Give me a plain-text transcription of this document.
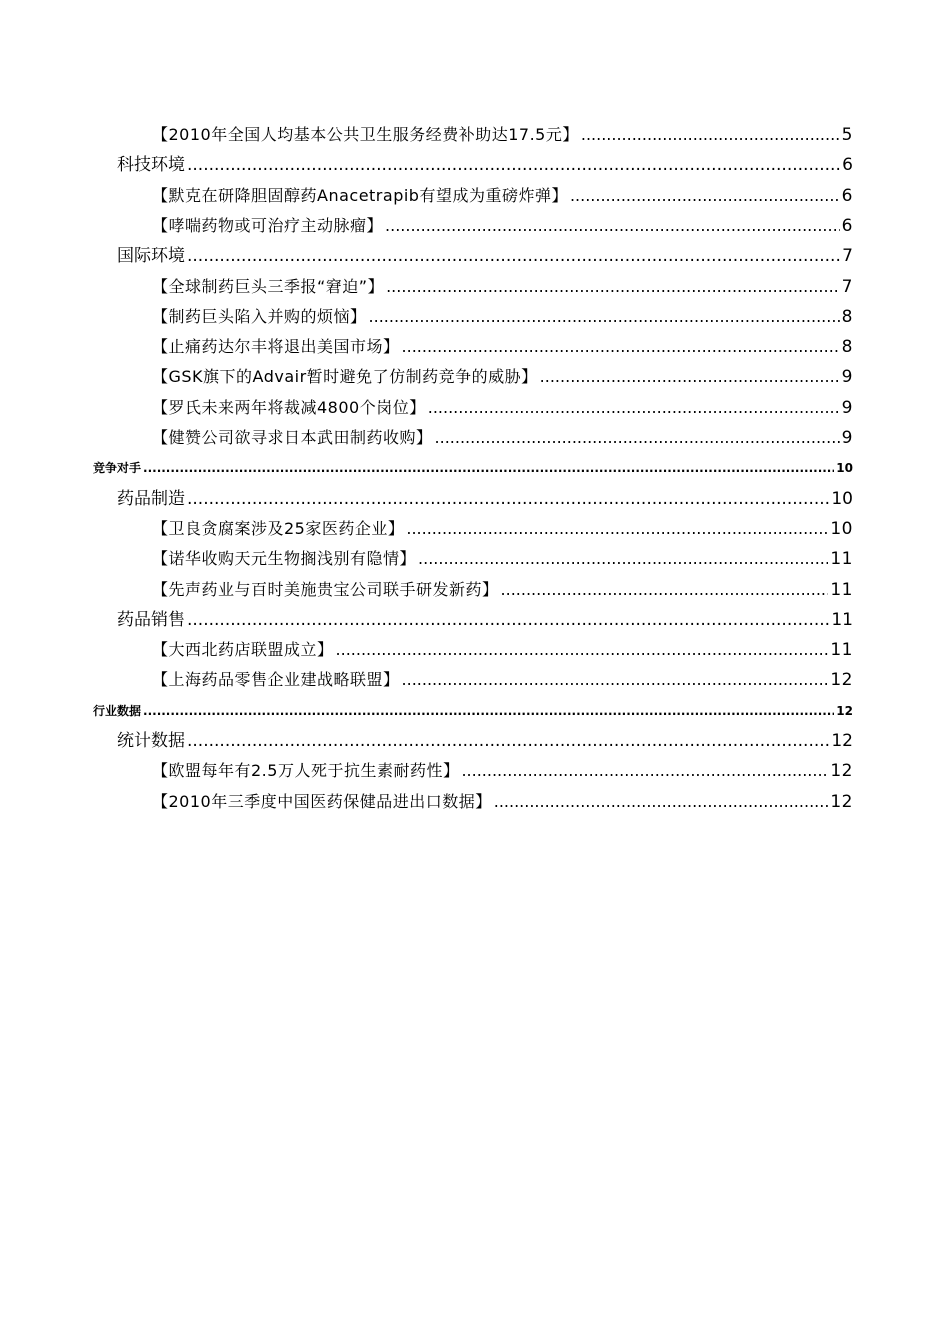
【2010年全国人均基本公共卫生服务经费补助达17.5元】 .....	5
科技环境 .....	6
【默克在研降胆固醇药Anacetrapib有望成为重磅炸弹】 .....	6
【哮喘药物或可治疗主动脉瘤】 .....	6
国际环境 .....	7
【全球制药巨头三季报“窘迫”】 .....	7
【制药巨头陷入并购的烦恼】 .....	8
【止痛药达尔丰将退出美国市场】 .....	8
【GSK旗下的Advair暂时避免了仿制药竞争的威胁】 .....	9
【罗氏未来两年将裁减4800个岗位】 .....	9
【健赞公司欲寻求日本武田制药收购】 .....	9
竞争对手 .....	10
药品制造 .....	10
【卫良贪腐案涉及25家医药企业】 .....	10
【诺华收购天元生物搁浅别有隐情】 .....	11
【先声药业与百时美施贵宝公司联手研发新药】 .....	11
药品销售 .....	11
【大西北药店联盟成立】 .....	11
【上海药品零售企业建战略联盟】 .....	12
行业数据 .....	12
统计数据 .....	12
【欧盟每年有2.5万人死于抗生素耐药性】 .....	12
【2010年三季度中国医药保健品进出口数据】 .....	12
